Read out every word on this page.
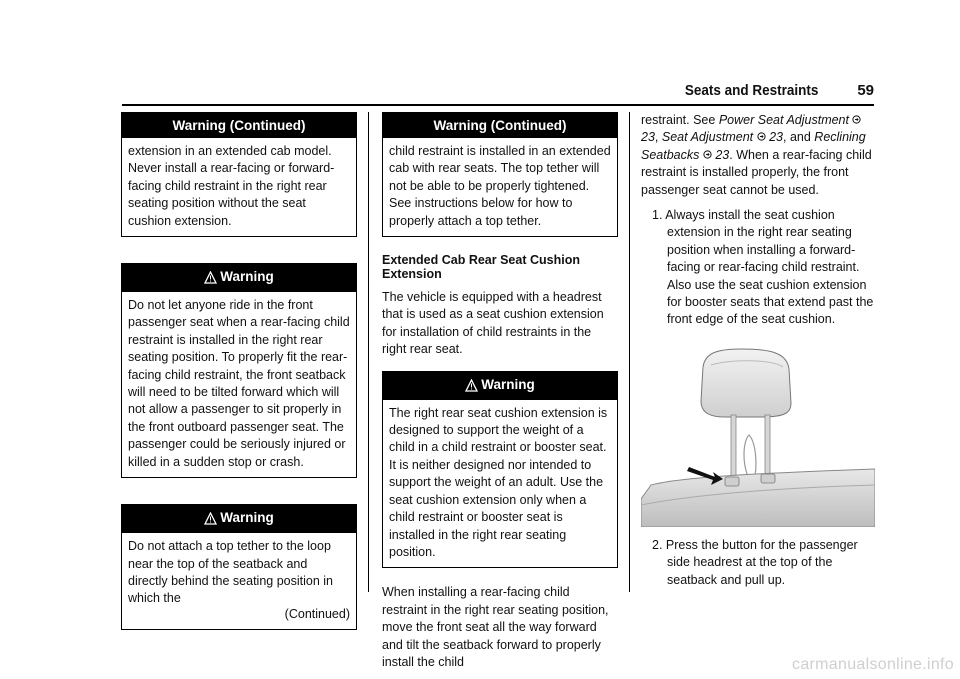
Seats and Restraints	59
Warning (Continued)
extension in an extended cab model. Never install a rear-facing or forward-facing child restraint in the right rear seating position without the seat cushion extension.
Warning
Do not let anyone ride in the front passenger seat when a rear-facing child restraint is installed in the right rear seating position. To properly fit the rear-facing child restraint, the front seatback will need to be tilted forward which will not allow a passenger to sit properly in the front outboard passenger seat. The passenger could be seriously injured or killed in a sudden stop or crash.
Warning
Do not attach a top tether to the loop near the top of the seatback and directly behind the seating position in which the
(Continued)
Warning (Continued)
child restraint is installed in an extended cab with rear seats. The top tether will not be able to be properly tightened. See instructions below for how to properly attach a top tether.
Extended Cab Rear Seat Cushion Extension

The vehicle is equipped with a headrest that is used as a seat cushion extension for installation of child restraints in the right rear seat.

Warning
The right rear seat cushion extension is designed to support the weight of a child in a child restraint or booster seat. It is neither designed nor intended to support the weight of an adult. Use the seat cushion extension only when a child restraint or booster seat is installed in the right rear seating position.

When installing a rear-facing child restraint in the right rear seating position, move the front seat all the way forward and tilt the seatback forward to properly install the child

restraint. See Power Seat Adjustment  23, Seat Adjustment 23, and Reclining Seatbacks 23. When a rear-facing child restraint is installed properly, the front passenger seat cannot be used.

1. Always install the seat cushion extension in the right rear seating position when installing a forward-facing or rear-facing child restraint. Also use the seat cushion extension for booster seats that extend past the front edge of the seat cushion.
2. Press the button for the passenger side headrest at the top of the seatback and pull up.
carmanualsonline.info
